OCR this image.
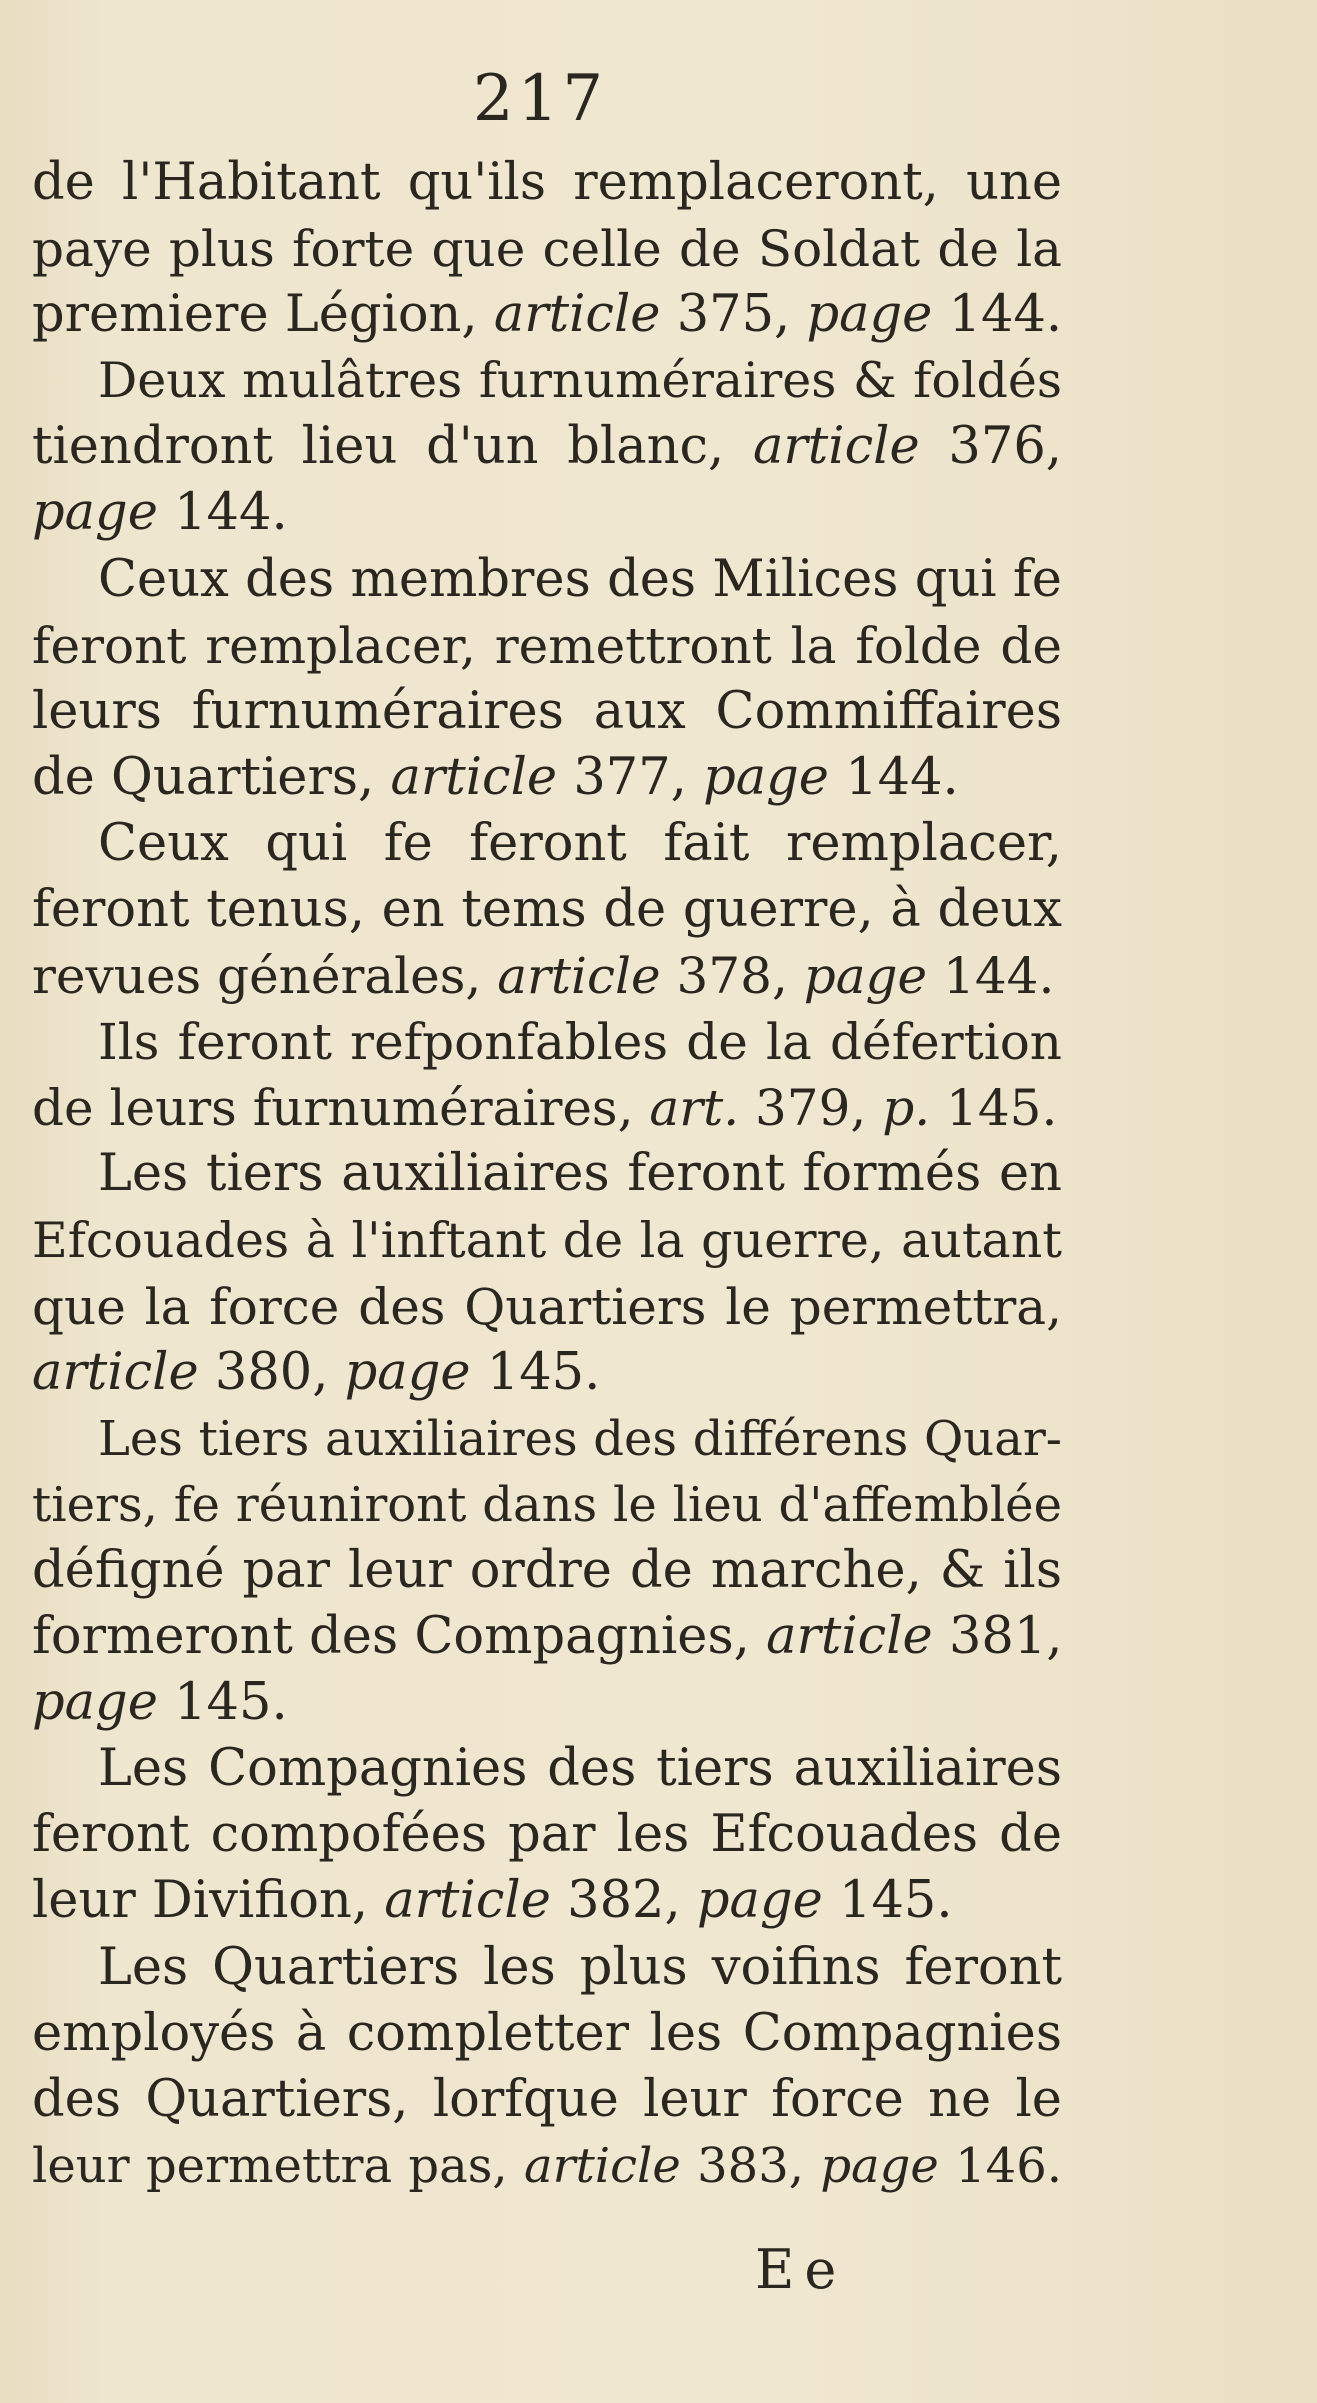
217
de l'Habitant qu'ils remplaceront, une
paye plus forte que celle de Soldat de la
premiere Légion, article 375, page 144.
Deux mulâtres furnuméraires & foldés
tiendront lieu d'un blanc, article 376,
page 144.
Ceux des membres des Milices qui fe
feront remplacer, remettront la folde de
leurs furnuméraires aux Commiffaires
de Quartiers, article 377, page 144.
Ceux qui fe feront fait remplacer,
feront tenus, en tems de guerre, à deux
revues générales, article 378, page 144.
Ils feront refponfables de la défertion
de leurs furnuméraires, art. 379, p. 145.
Les tiers auxiliaires feront formés en
Efcouades à l'inftant de la guerre, autant
que la force des Quartiers le permettra,
article 380, page 145.
Les tiers auxiliaires des différens Quar-
tiers, fe réuniront dans le lieu d'affemblée
défigné par leur ordre de marche, & ils
formeront des Compagnies, article 381,
page 145.
Les Compagnies des tiers auxiliaires
feront compofées par les Efcouades de
leur Divifion, article 382, page 145.
Les Quartiers les plus voifins feront
employés à completter les Compagnies
des Quartiers, lorfque leur force ne le
leur permettra pas, article 383, page 146.
Ee
